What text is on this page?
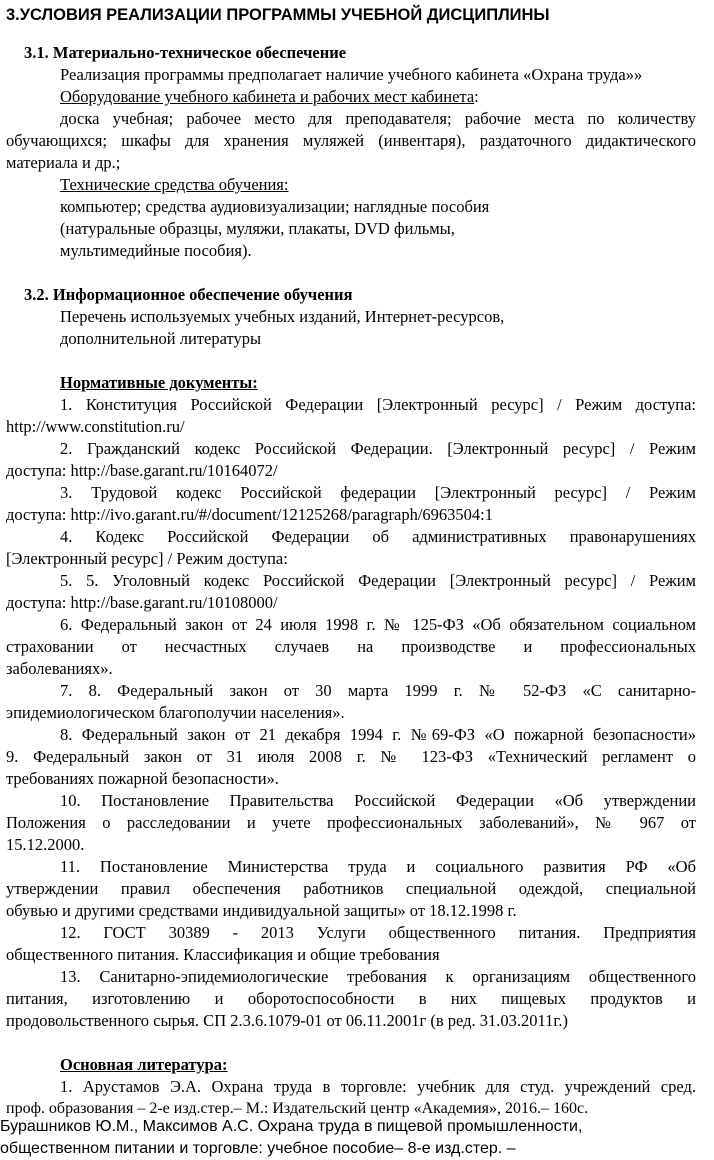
3.УСЛОВИЯ РЕАЛИЗАЦИИ ПРОГРАММЫ УЧЕБНОЙ ДИСЦИПЛИНЫ
3.1. Материально-техническое обеспечение
Реализация программы предполагает наличие учебного кабинета «Охрана труда»»
Оборудование учебного кабинета и рабочих мест кабинета:
доска учебная; рабочее место для преподавателя; рабочие места по количеству
обучающихся; шкафы для хранения муляжей (инвентаря), раздаточного дидактического
материала и др.;
Технические средства обучения:
компьютер; средства аудиовизуализации; наглядные пособия
(натуральные образцы, муляжи, плакаты, DVD фильмы,
мультимедийные пособия).
3.2. Информационное обеспечение обучения
Перечень используемых учебных изданий, Интернет-ресурсов,
дополнительной литературы
Нормативные документы:
1. Конституция Российской Федерации [Электронный ресурс] / Режим доступа:
http://www.constitution.ru/
2. Гражданский кодекс Российской Федерации. [Электронный ресурс] / Режим
доступа: http://base.garant.ru/10164072/
3. Трудовой кодекс Российской федерации [Электронный ресурс] / Режим
доступа: http://ivo.garant.ru/#/document/12125268/paragraph/6963504:1
4. Кодекс Российской Федерации об административных правонарушениях
[Электронный ресурс] / Режим доступа:
5. 5. Уголовный кодекс Российской Федерации [Электронный ресурс] / Режим
доступа: http://base.garant.ru/10108000/
6. Федеральный закон от 24 июля 1998 г. № 125-ФЗ «Об обязательном социальном
страховании от несчастных случаев на производстве и профессиональных
заболеваниях».
7. 8. Федеральный закон от 30 марта 1999 г. № 52-ФЗ «С санитарно-
эпидемиологическом благополучии населения».
8. Федеральный закон от 21 декабря 1994 г. №69-ФЗ «О пожарной безопасности»
9. Федеральный закон от 31 июля 2008 г. № 123-ФЗ «Технический регламент о
требованиях пожарной безопасности».
10. Постановление Правительства Российской Федерации «Об утверждении
Положения о расследовании и учете профессиональных заболеваний», № 967 от
15.12.2000.
11. Постановление Министерства труда и социального развития РФ «Об
утверждении правил обеспечения работников специальной одеждой, специальной
обувью и другими средствами индивидуальной защиты» от 18.12.1998 г.
12. ГОСТ 30389 - 2013 Услуги общественного питания. Предприятия
общественного питания. Классификация и общие требования
13. Санитарно-эпидемиологические требования к организациям общественного
питания, изготовлению и оборотоспособности в них пищевых продуктов и
продовольственного сырья. СП 2.3.6.1079-01 от 06.11.2001г (в ред. 31.03.2011г.)
Основная литература:
1. Арустамов Э.А. Охрана труда в торговле: учебник для студ. учреждений сред.
проф. образования – 2-е изд.стер.– М.: Издательский центр «Академия», 2016.– 160с.
Бурашников Ю.М., Максимов А.С. Охрана труда в пищевой промышленности,
общественном питании и торговле: учебное пособие– 8-е изд.стер. –
